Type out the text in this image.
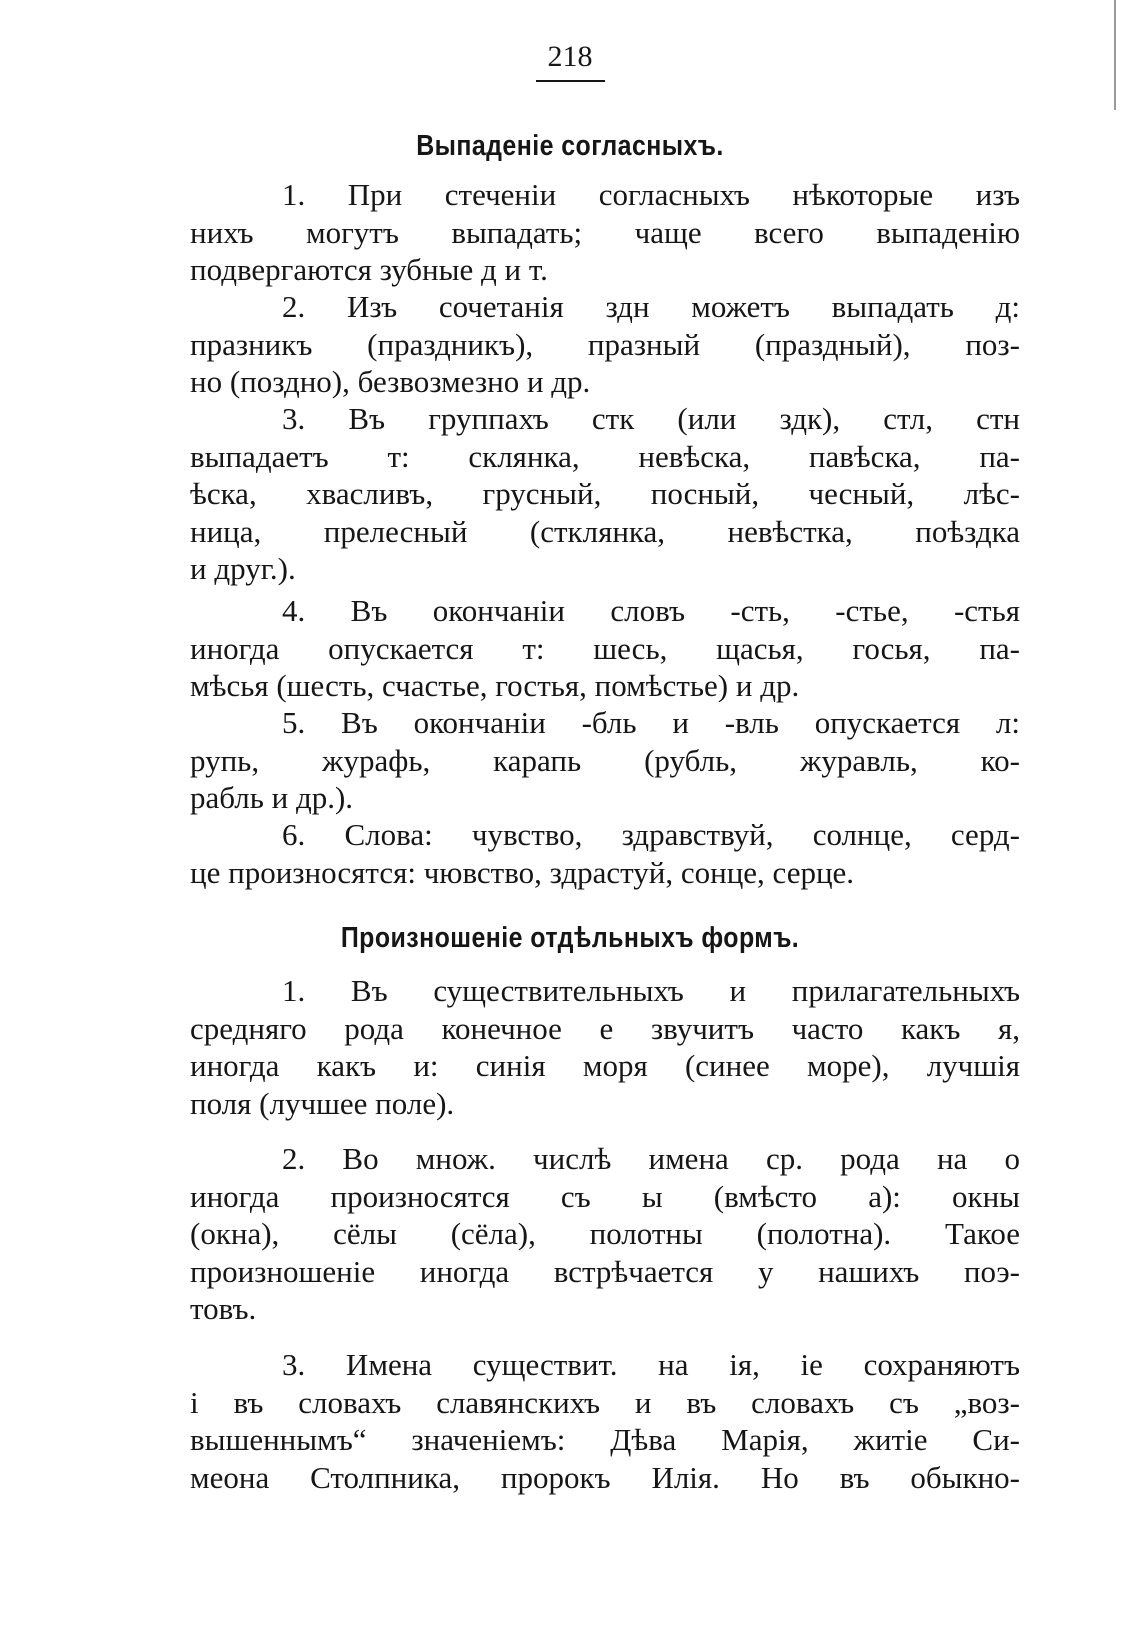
218
Выпаденіе согласныхъ.
1. При стеченіи согласныхъ нѣкоторые изъ
нихъ могутъ выпадать; чаще всего выпаденію
подвергаются зубные д и т.
2. Изъ сочетанія здн можетъ выпадать д:
празникъ (праздникъ), празный (праздный), поз-
но (поздно), безвозмезно и др.
3. Въ группахъ стк (или здк), стл, стн
выпадаетъ т: склянка, невѣска, павѣска, па-
ѣска, хвасливъ, грусный, посный, чесный, лѣс-
ница, прелесный (стклянка, невѣстка, поѣздка
и друг.).
4. Въ окончаніи словъ -сть, -стье, -стья
иногда опускается т: шесь, щасья, госья, па-
мѣсья (шесть, счастье, гостья, помѣстье) и др.
5. Въ окончаніи -бль и -вль опускается л:
рупь, журафь, карапь (рубль, журавль, ко-
рабль и др.).
6. Слова: чувство, здравствуй, солнце, серд-
це произносятся: чювство, здрастуй, сонце, серце.
Произношеніе отдѣльныхъ формъ.
1. Въ существительныхъ и прилагательныхъ
средняго рода конечное е звучитъ часто какъ я,
иногда какъ и: синія моря (синее море), лучшія
поля (лучшее поле).
2. Во множ. числѣ имена ср. рода на о
иногда произносятся съ ы (вмѣсто а): окны
(окна), сёлы (сёла), полотны (полотна). Такое
произношеніе иногда встрѣчается у нашихъ поэ-
товъ.
3. Имена существит. на ія, іе сохраняютъ
і въ словахъ славянскихъ и въ словахъ съ „воз-
вышеннымъ“ значеніемъ: Дѣва Марія, житіе Си-
меона Столпника, пророкъ Илія. Но въ обыкно-
